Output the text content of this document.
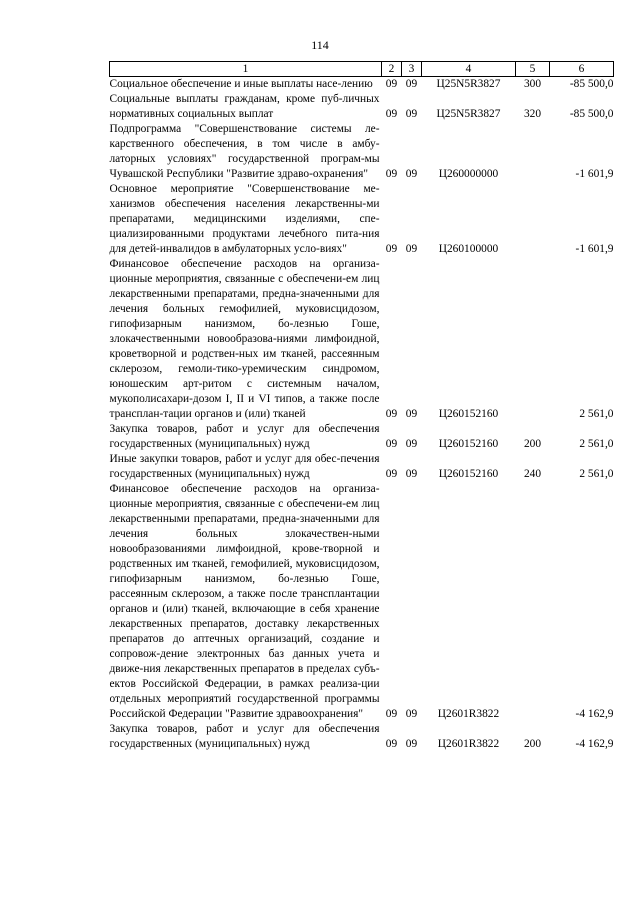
114
1	2	3	4	5	6
Социальное обеспечение и иные выплаты насе-лению	09	09	Ц25N5R3827	300	-85 500,0
Социальные выплаты гражданам, кроме пуб-личных нормативных социальных выплат	09	09	Ц25N5R3827	320	-85 500,0
Подпрограмма "Совершенствование системы ле-карственного обеспечения, в том числе в амбу-латорных условиях" государственной програм-мы Чувашской Республики "Развитие здраво-охранения"	09	09	Ц260000000		-1 601,9
Основное мероприятие "Совершенствование ме-ханизмов обеспечения населения лекарственны-ми препаратами, медицинскими изделиями, спе-циализированными продуктами лечебного пита-ния для детей-инвалидов в амбулаторных усло-виях"	09	09	Ц260100000		-1 601,9
Финансовое обеспечение расходов на организа-ционные мероприятия, связанные с обеспечени-ем лиц лекарственными препаратами, предна-значенными для лечения больных гемофилией, муковисцидозом, гипофизарным нанизмом, бо-лезнью Гоше, злокачественными новообразова-ниями лимфоидной, кроветворной и родствен-ных им тканей, рассеянным склерозом, гемоли-тико-уремическим синдромом, юношеским арт-ритом с системным началом, мукополисахари-дозом I, II и VI типов, а также после трансплан-тации органов и (или) тканей	09	09	Ц260152160		2 561,0
Закупка товаров, работ и услуг для обеспечения государственных (муниципальных) нужд	09	09	Ц260152160	200	2 561,0
Иные закупки товаров, работ и услуг для обес-печения государственных (муниципальных) нужд	09	09	Ц260152160	240	2 561,0
Финансовое обеспечение расходов на организа-ционные мероприятия, связанные с обеспечени-ем лиц лекарственными препаратами, предна-значенными для лечения больных злокачествен-ными новообразованиями лимфоидной, крове-творной и родственных им тканей, гемофилией, муковисцидозом, гипофизарным нанизмом, бо-лезнью Гоше, рассеянным склерозом, а также после трансплантации органов и (или) тканей, включающие в себя хранение лекарственных препаратов, доставку лекарственных препаратов до аптечных организаций, создание и сопровож-дение электронных баз данных учета и движе-ния лекарственных препаратов в пределах субъ-ектов Российской Федерации, в рамках реализа-ции отдельных мероприятий государственной программы Российской Федерации "Развитие здравоохранения"	09	09	Ц2601R3822		-4 162,9
Закупка товаров, работ и услуг для обеспечения государственных (муниципальных) нужд	09	09	Ц2601R3822	200	-4 162,9
